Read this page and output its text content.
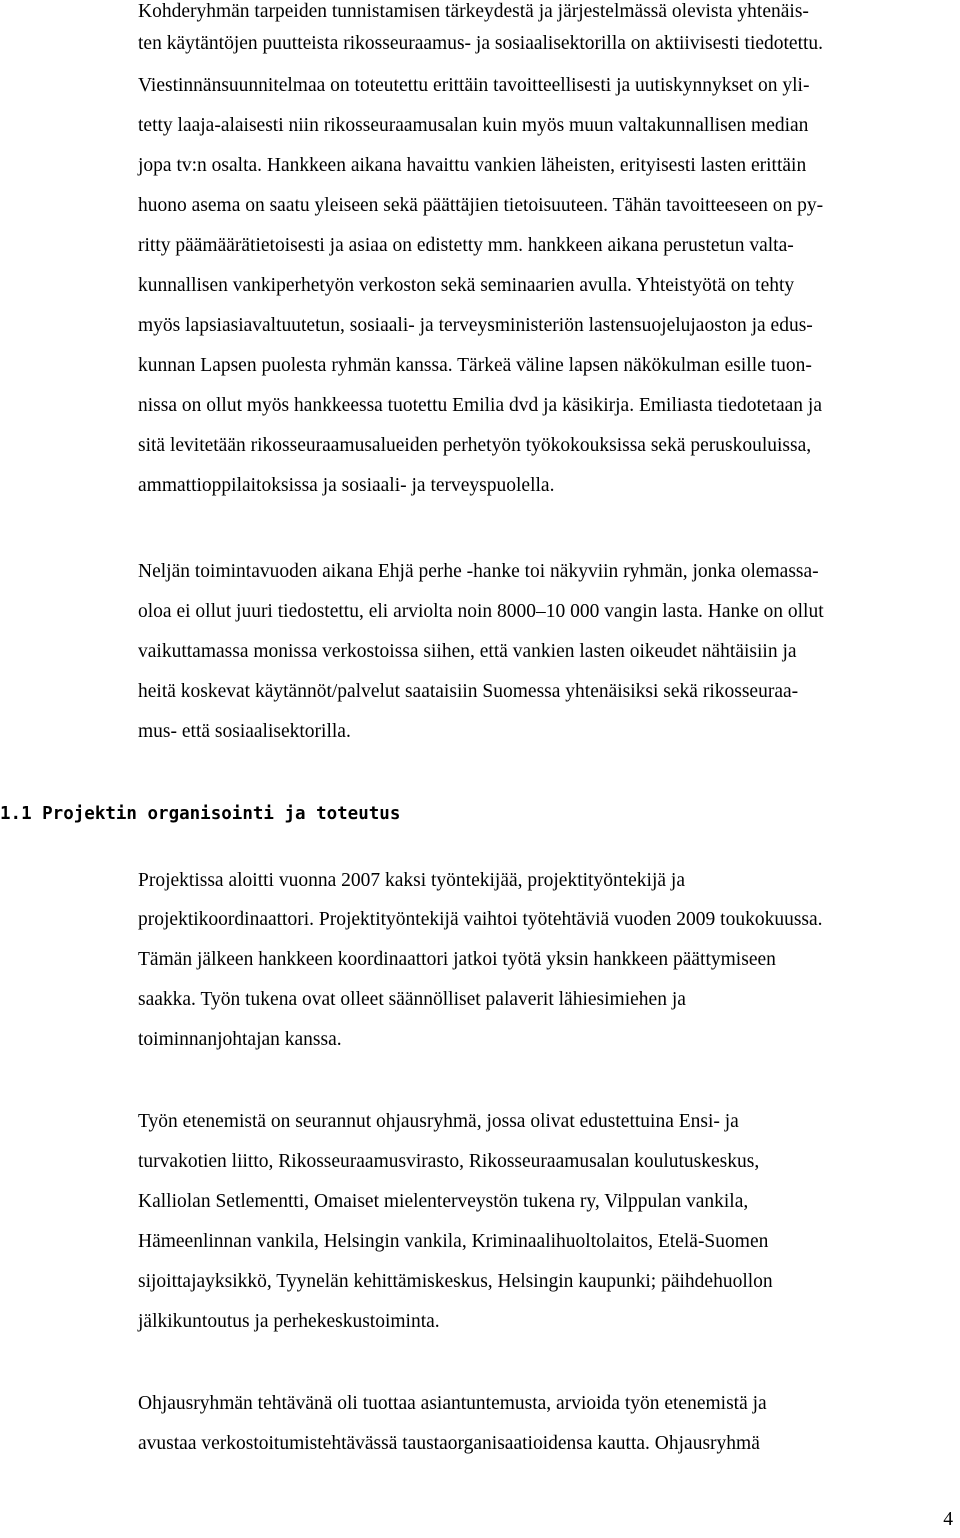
Kohderyhmän tarpeiden tunnistamisen tärkeydestä ja järjestelmässä olevista yhtenäis-
ten käytäntöjen puutteista rikosseuraamus- ja sosiaalisektorilla on aktiivisesti tiedotettu.
Viestinnänsuunnitelmaa on toteutettu erittäin tavoitteellisesti ja uutiskynnykset on yli-
tetty laaja-alaisesti niin rikosseuraamusalan kuin myös muun valtakunnallisen median
jopa tv:n osalta. Hankkeen aikana havaittu vankien läheisten, erityisesti lasten erittäin
huono asema on saatu yleiseen sekä päättäjien tietoisuuteen. Tähän tavoitteeseen on py-
ritty päämäärätietoisesti ja asiaa on edistetty mm. hankkeen aikana perustetun valta-
kunnallisen vankiperhetyön verkoston sekä seminaarien avulla. Yhteistyötä on tehty
myös lapsiasiavaltuutetun, sosiaali- ja terveysministeriön lastensuojelujaoston ja edus-
kunnan Lapsen puolesta ryhmän kanssa. Tärkeä väline lapsen näkökulman esille tuon-
nissa on ollut myös hankkeessa tuotettu Emilia dvd ja käsikirja. Emiliasta tiedotetaan ja
sitä levitetään rikosseuraamusalueiden perhetyön työkokouksissa sekä peruskouluissa,
ammattioppilaitoksissa ja sosiaali- ja terveyspuolella.
Neljän toimintavuoden aikana Ehjä perhe -hanke toi näkyviin ryhmän, jonka olemassa-
oloa ei ollut juuri tiedostettu, eli arviolta noin 8000–10 000 vangin lasta. Hanke on ollut
vaikuttamassa monissa verkostoissa siihen, että vankien lasten oikeudet nähtäisiin ja
heitä koskevat käytännöt/palvelut saataisiin Suomessa yhtenäisiksi sekä rikosseuraa-
mus- että sosiaalisektorilla.
1.1 Projektin organisointi ja toteutus
Projektissa aloitti vuonna 2007 kaksi työntekijää, projektityöntekijä ja
projektikoordinaattori. Projektityöntekijä vaihtoi työtehtäviä vuoden 2009 toukokuussa.
Tämän jälkeen hankkeen koordinaattori jatkoi työtä yksin hankkeen päättymiseen
saakka. Työn tukena ovat olleet säännölliset palaverit lähiesimiehen ja
toiminnanjohtajan kanssa.
Työn etenemistä on seurannut ohjausryhmä, jossa olivat edustettuina Ensi- ja
turvakotien liitto, Rikosseuraamusvirasto, Rikosseuraamusalan koulutuskeskus,
Kalliolan Setlementti, Omaiset mielenterveystön tukena ry, Vilppulan vankila,
Hämeenlinnan vankila, Helsingin vankila, Kriminaalihuoltolaitos, Etelä-Suomen
sijoittajayksikkö, Tyynelän kehittämiskeskus, Helsingin kaupunki; päihdehuollon
jälkikuntoutus ja perhekeskustoiminta.
Ohjausryhmän tehtävänä oli tuottaa asiantuntemusta, arvioida työn etenemistä ja
avustaa verkostoitumistehtävässä taustaorganisaatioidensa kautta. Ohjausryhmä
4
